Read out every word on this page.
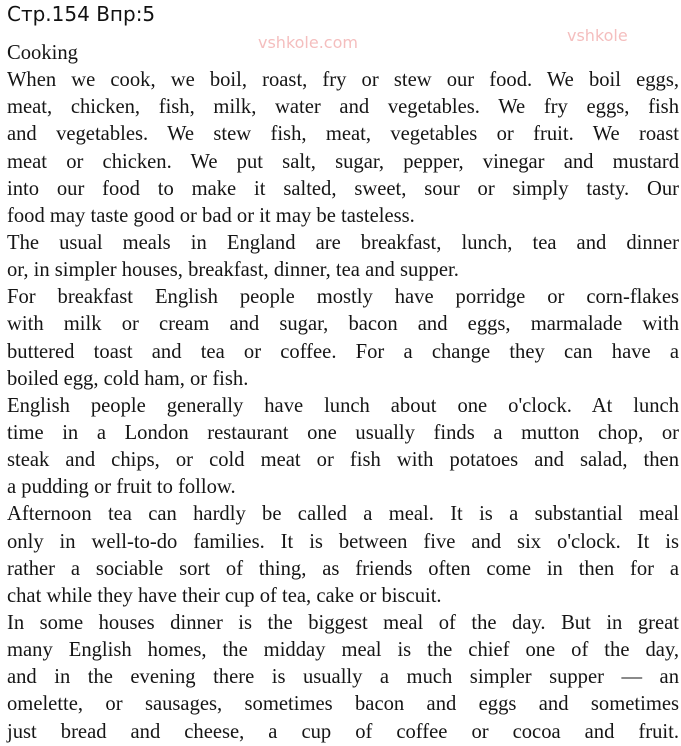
Стр.154 Впр:5
vshkole.com	vshkole
Cooking
When we cook, we boil, roast, fry or stew our food. We boil eggs,
meat, chicken, fish, milk, water and vegetables. We fry eggs, fish
and vegetables. We stew fish, meat, vegetables or fruit. We roast
meat or chicken. We put salt, sugar, pepper, vinegar and mustard
into our food to make it salted, sweet, sour or simply tasty. Our
food may taste good or bad or it may be tasteless.
The usual meals in England are breakfast, lunch, tea and dinner
or, in simpler houses, breakfast, dinner, tea and supper.
For breakfast English people mostly have porridge or corn-flakes
with milk or cream and sugar, bacon and eggs, marmalade with
buttered toast and tea or coffee. For a change they can have a
boiled egg, cold ham, or fish.
English people generally have lunch about one o'clock. At lunch
time in a London restaurant one usually finds a mutton chop, or
steak and chips, or cold meat or fish with potatoes and salad, then
a pudding or fruit to follow.
Afternoon tea can hardly be called a meal. It is a substantial meal
only in well-to-do families. It is between five and six o'clock. It is
rather a sociable sort of thing, as friends often come in then for a
chat while they have their cup of tea, cake or biscuit.
In some houses dinner is the biggest meal of the day. But in great
many English homes, the midday meal is the chief one of the day,
and in the evening there is usually a much simpler supper — an
omelette, or sausages, sometimes bacon and eggs and sometimes
just bread and cheese, a cup of coffee or cocoa and fruit.
